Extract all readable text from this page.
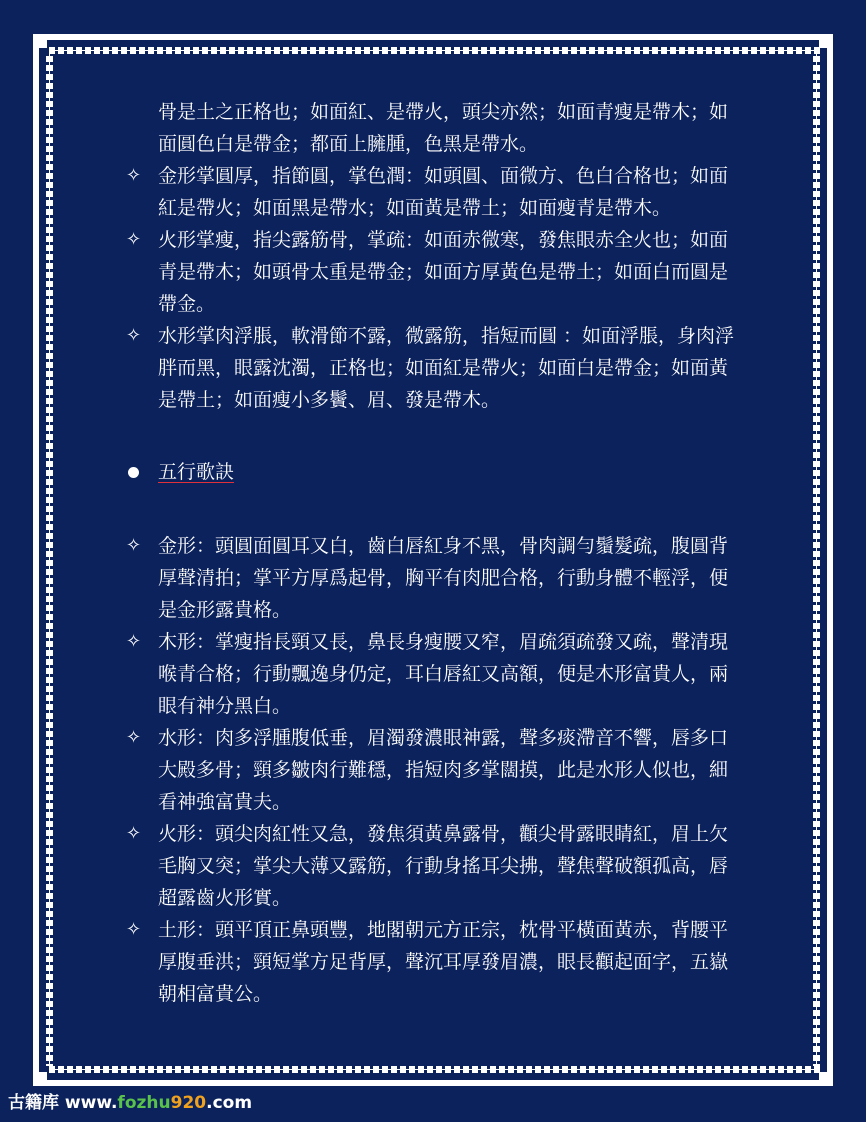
骨是土之正格也；如面紅、是帶火，頭尖亦然；如面青瘦是帶木；如面圓色白是帶金；都面上臃腫，色黑是帶水。

✧ 金形掌圓厚，指節圓，掌色潤：如頭圓、面微方、色白合格也；如面紅是帶火；如面黑是帶水；如面黃是帶土；如面瘦青是帶木。

✧ 火形掌瘦，指尖露筋骨，掌疏：如面赤微寒，發焦眼赤全火也；如面青是帶木；如頭骨太重是帶金；如面方厚黃色是帶土；如面白而圓是帶金。

✧ 水形掌肉浮脹，軟滑節不露，微露筋，指短而圓 ：如面浮脹，身肉浮胖而黑，眼露沈濁，正格也；如面紅是帶火；如面白是帶金；如面黃是帶土；如面瘦小多鬢、眉、發是帶木。

五行歌訣

✧ 金形：頭圓面圓耳又白，齒白唇紅身不黑，骨肉調勻鬚髮疏，腹圓背厚聲清拍；掌平方厚爲起骨，胸平有肉肥合格，行動身體不輕浮，便是金形露貴格。

✧ 木形：掌瘦指長頸又長，鼻長身瘦腰又窄，眉疏須疏發又疏，聲清現喉青合格；行動飄逸身仍定，耳白唇紅又高額，便是木形富貴人，兩眼有神分黑白。

✧ 水形：肉多浮腫腹低垂，眉濁發濃眼神露，聲多痰滯音不響，唇多口大殿多骨；頸多皺肉行難穩，指短肉多掌闊摸，此是水形人似也，細看神強富貴夫。

✧ 火形：頭尖肉紅性又急，發焦須黃鼻露骨，顴尖骨露眼睛紅，眉上欠毛胸又突；掌尖大薄又露筋，行動身搖耳尖拂，聲焦聲破額孤高，唇超露齒火形實。

✧ 土形：頭平頂正鼻頭豐，地閣朝元方正宗，枕骨平橫面黃赤，背腰平厚腹垂洪；頸短掌方足背厚，聲沉耳厚發眉濃，眼長顴起面字，五嶽朝相富貴公。

古籍库 www.fozhu920.com
